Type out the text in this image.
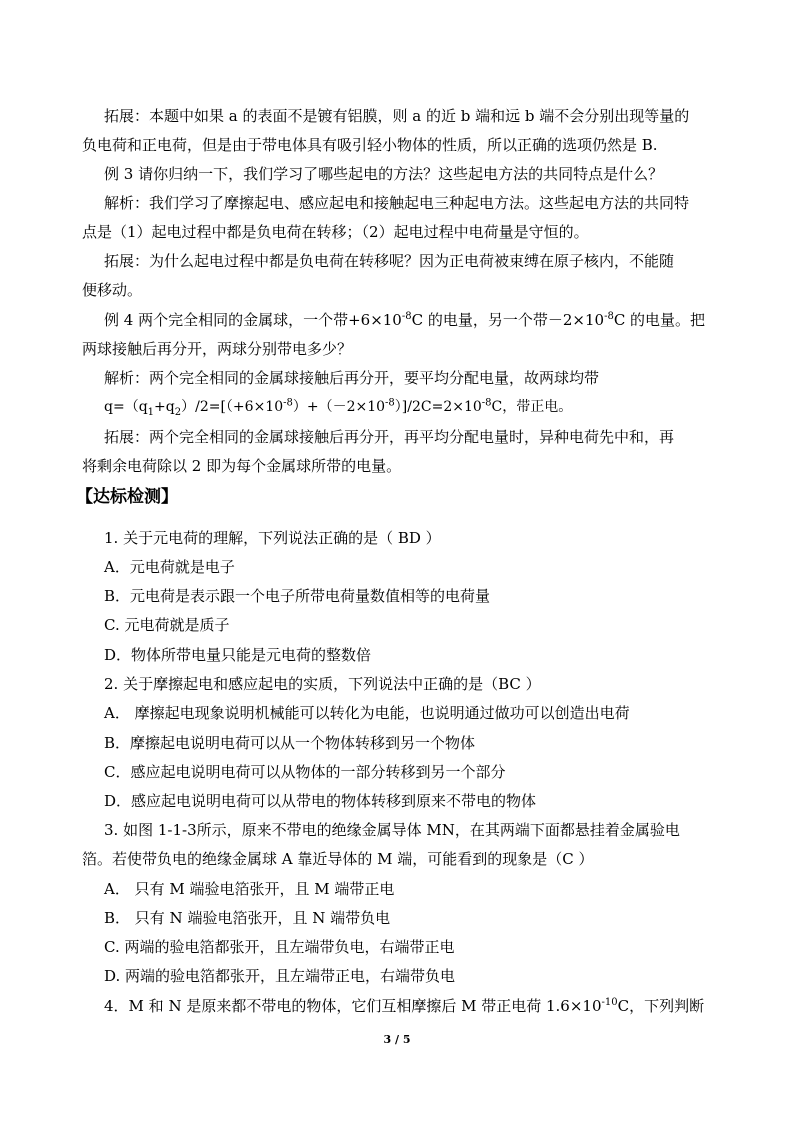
拓展：本题中如果 a 的表面不是镀有铝膜，则 a 的近 b 端和远 b 端不会分别出现等量的
负电荷和正电荷，但是由于带电体具有吸引轻小物体的性质，所以正确的选项仍然是 B.
例 3 请你归纳一下，我们学习了哪些起电的方法？这些起电方法的共同特点是什么？
解析：我们学习了摩擦起电、感应起电和接触起电三种起电方法。这些起电方法的共同特
点是（1）起电过程中都是负电荷在转移；（2）起电过程中电荷量是守恒的。
拓展：为什么起电过程中都是负电荷在转移呢？因为正电荷被束缚在原子核内，不能随
便移动。
例 4 两个完全相同的金属球，一个带$+6\times 10^{-8}C$ 的电量，另一个带$-2\times 10^{-8}C$ 的电量。把
两球接触后再分开，两球分别带电多少？
解析：两个完全相同的金属球接触后再分开，要平均分配电量，故两球均带
$q=(q_1+q_2)/2=[(+6\times 10^{-8})+(-2\times 10^{-8})]/2C=2\times 10^{-8}C$，带正电。
拓展：两个完全相同的金属球接触后再分开，再平均分配电量时，异种电荷先中和，再
将剩余电荷除以 2 即为每个金属球所带的电量。
【达标检测】
1. 关于元电荷的理解，下列说法正确的是（ BD ）
A．元电荷就是电子
B．元电荷是表示跟一个电子所带电荷量数值相等的电荷量
C. 元电荷就是质子
D．物体所带电量只能是元电荷的整数倍
2. 关于摩擦起电和感应起电的实质，下列说法中正确的是（BC ）
A． 摩擦起电现象说明机械能可以转化为电能，也说明通过做功可以创造出电荷
B．摩擦起电说明电荷可以从一个物体转移到另一个物体
C．感应起电说明电荷可以从物体的一部分转移到另一个部分
D．感应起电说明电荷可以从带电的物体转移到原来不带电的物体
3. 如图 1-1-3所示，原来不带电的绝缘金属导体 MN，在其两端下面都悬挂着金属验电
箔。若使带负电的绝缘金属球 A 靠近导体的 M 端，可能看到的现象是（C ）
A． 只有 M 端验电箔张开，且 M 端带正电
B． 只有 N 端验电箔张开，且 N 端带负电
C. 两端的验电箔都张开，且左端带负电，右端带正电
D. 两端的验电箔都张开，且左端带正电，右端带负电
4．M 和 N 是原来都不带电的物体，它们互相摩擦后 M 带正电荷 $1.6\times 10^{-10}C$，下列判断
3 / 5
